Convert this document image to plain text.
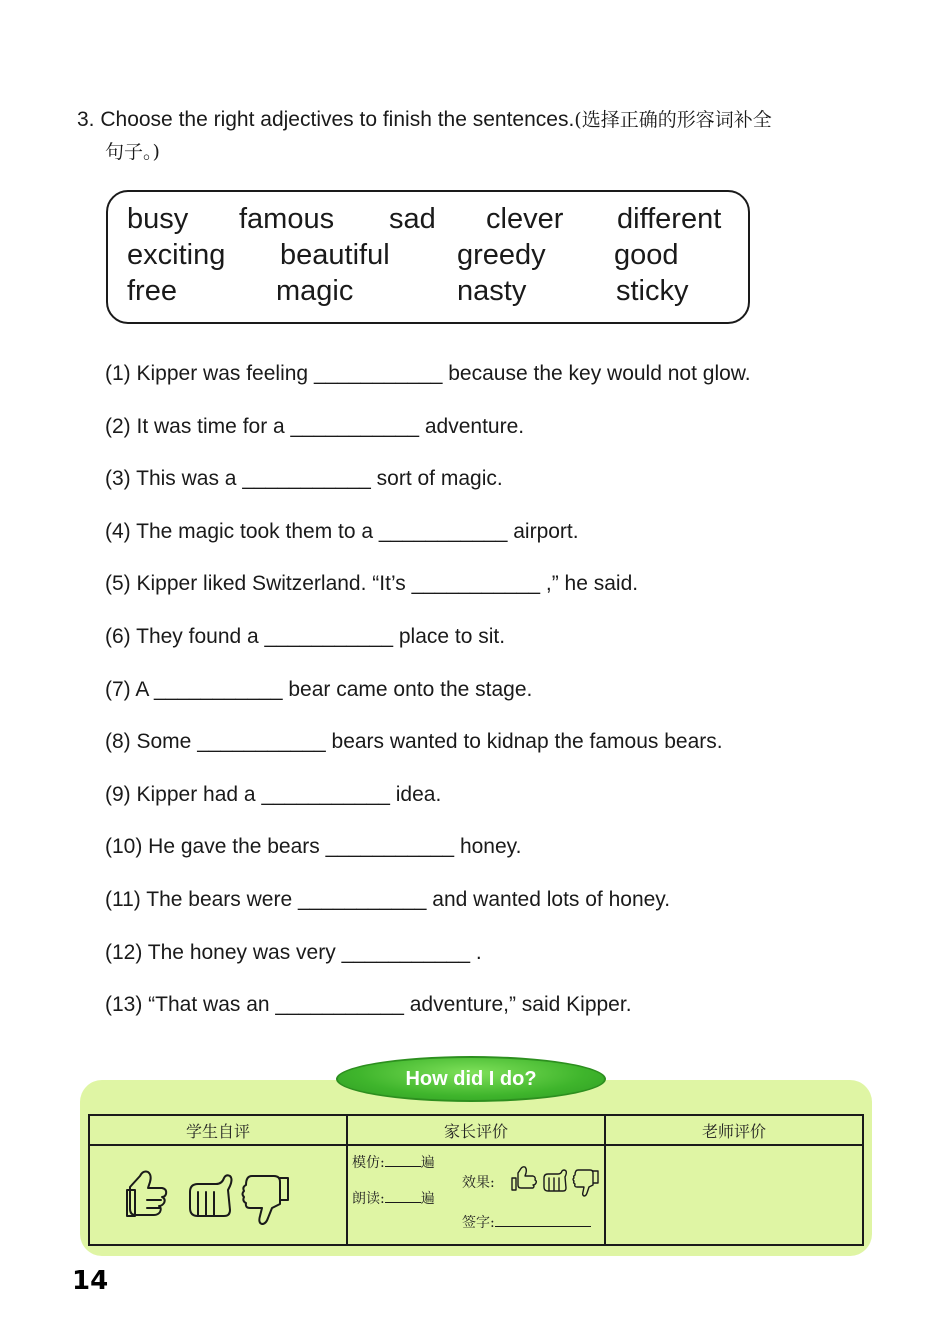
3. Choose the right adjectives to finish the sentences.(选择正确的形容词补全
句子。)
busy famous sad clever different
exciting beautiful greedy good
free	magic	nasty	sticky
(1) Kipper was feeling ___________ because the key would not glow.
(2) It was time for a ___________ adventure.
(3) This was a ___________ sort of magic.
(4) The magic took them to a ___________ airport.
(5) Kipper liked Switzerland. “It’s ___________ ,” he said.
(6) They found a ___________ place to sit.
(7) A ___________ bear came onto the stage.
(8) Some ___________ bears wanted to kidnap the famous bears.
(9) Kipper had a ___________ idea.
(10) He gave the bears ___________ honey.
(11) The bears were ___________ and wanted lots of honey.
(12) The honey was very ___________ .
(13) “That was an ___________ adventure,” said Kipper.
How did I do?
学生自评	家长评价	老师评价

模仿: 遍
朗读: 遍
效果:
签字:	

14
